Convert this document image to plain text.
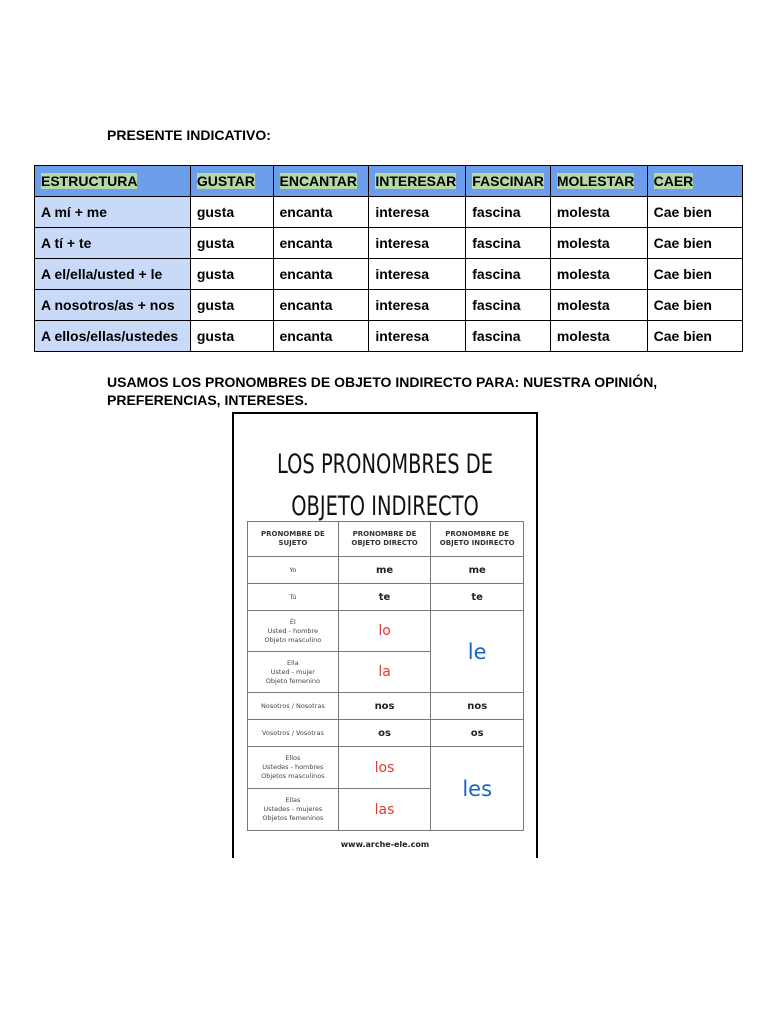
PRESENTE INDICATIVO:
ESTRUCTURA	GUSTAR	ENCANTAR	INTERESAR	FASCINAR	MOLESTAR	CAER
A mí + me	gusta	encanta	interesa	fascina	molesta	Cae bien
A tí + te	gusta	encanta	interesa	fascina	molesta	Cae bien
A el/ella/usted + le	gusta	encanta	interesa	fascina	molesta	Cae bien
A nosotros/as + nos	gusta	encanta	interesa	fascina	molesta	Cae bien
A ellos/ellas/ustedes	gusta	encanta	interesa	fascina	molesta	Cae bien
USAMOS LOS PRONOMBRES DE OBJETO INDIRECTO PARA: NUESTRA OPINIÓN, PREFERENCIAS, INTERESES.
LOS PRONOMBRES DE
OBJETO INDIRECTO
PRONOMBRE DE SUJETO	PRONOMBRE DE OBJETO DIRECTO	PRONOMBRE DE OBJETO INDIRECTO
Yo	me	me
Tú	te	te

Él
Usted - hombre
Objeto masculino	lo	le

Ella
Usted - mujer
Objeto femenino	la	
Nosotros / Nosotras	nos	nos
Vosotros / Vosotras	os	os

Ellos
Ustedes - hombres
Objetos masculinos	los	les

Ellas
Ustedes - mujeres
Objetos femeninos	las	
www.arche-ele.com
